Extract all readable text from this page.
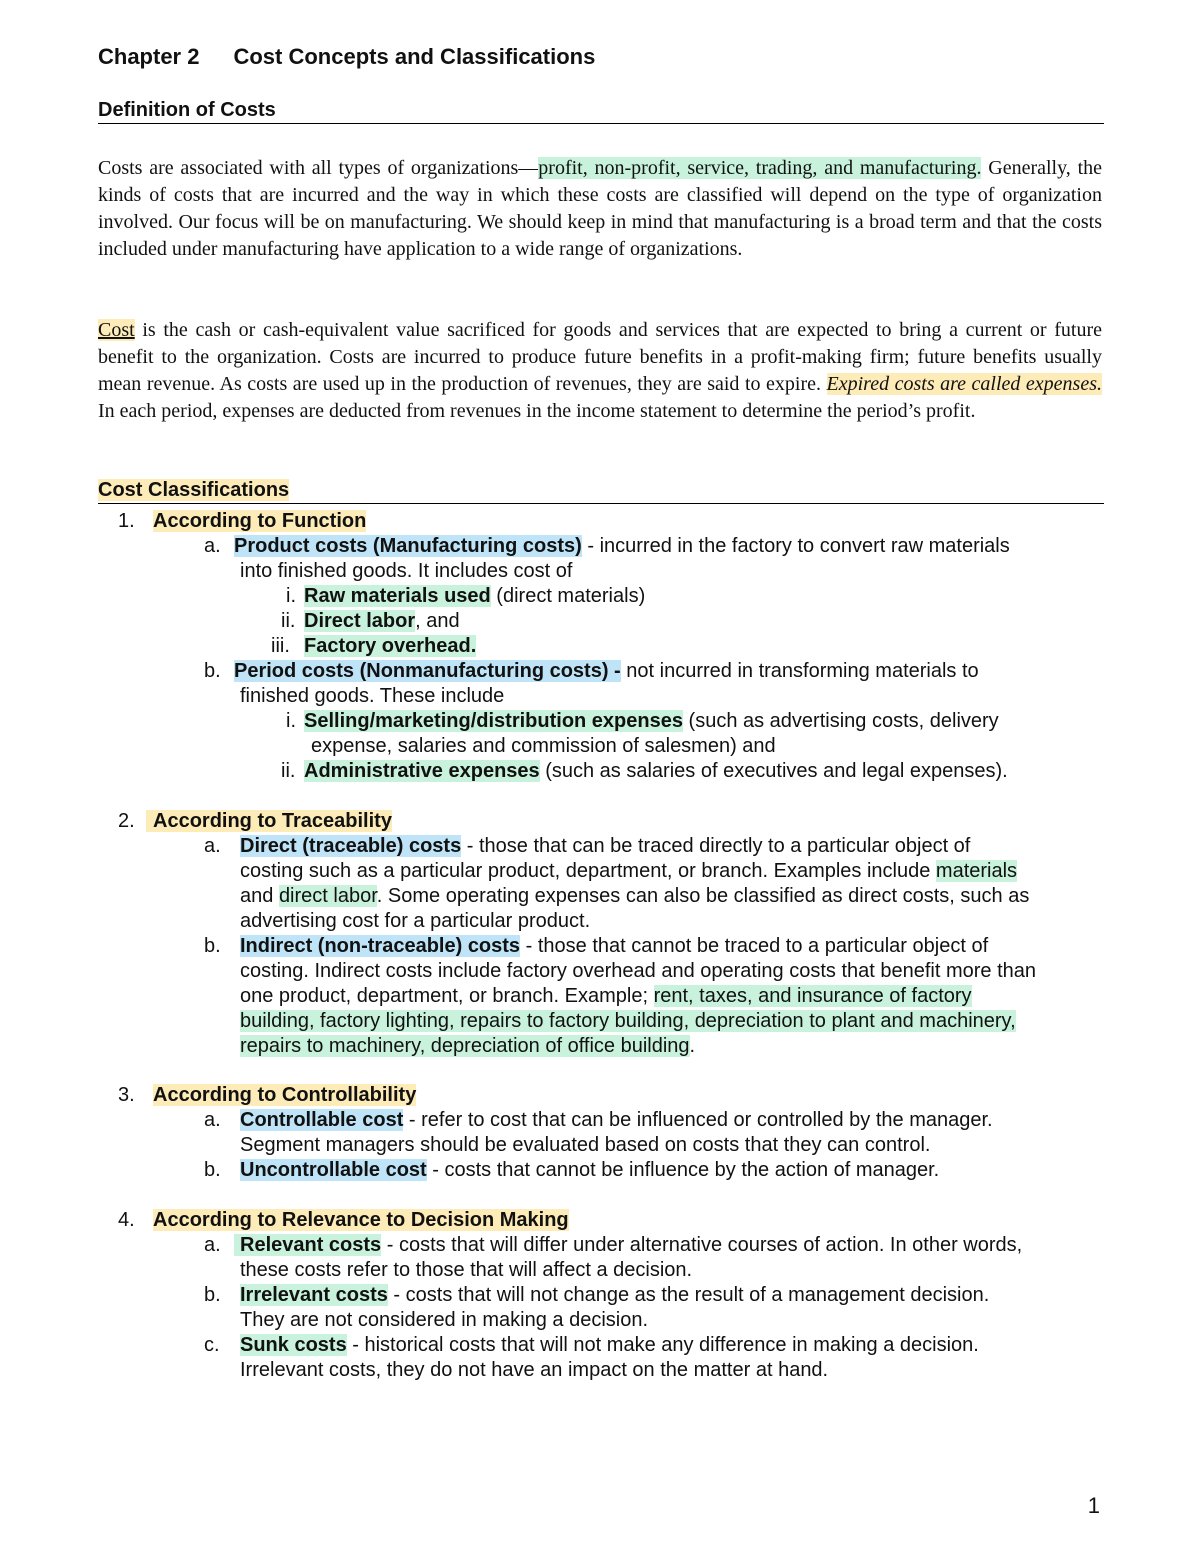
Chapter 2 Cost Concepts and Classifications
Definition of Costs
Costs are associated with all types of organizations—profit, non-profit, service, trading, and manufacturing. Generally, the kinds of costs that are incurred and the way in which these costs are classified will depend on the type of organization involved. Our focus will be on manufacturing. We should keep in mind that manufacturing is a broad term and that the costs included under manufacturing have application to a wide range of organizations.
Cost is the cash or cash-equivalent value sacrificed for goods and services that are expected to bring a current or future benefit to the organization. Costs are incurred to produce future benefits in a profit-making firm; future benefits usually mean revenue. As costs are used up in the production of revenues, they are said to expire. Expired costs are called expenses. In each period, expenses are deducted from revenues in the income statement to determine the period’s profit.
Cost Classifications
1. According to Function
a. Product costs (Manufacturing costs) - incurred in the factory to convert raw materials
into finished goods. It includes cost of
i. Raw materials used (direct materials)
ii. Direct labor, and
iii. Factory overhead.
b. Period costs (Nonmanufacturing costs) - not incurred in transforming materials to
finished goods. These include
i. Selling/marketing/distribution expenses (such as advertising costs, delivery
expense, salaries and commission of salesmen) and
ii. Administrative expenses (such as salaries of executives and legal expenses).
2. According to Traceability
a. Direct (traceable) costs - those that can be traced directly to a particular object of
costing such as a particular product, department, or branch. Examples include materials
and direct labor. Some operating expenses can also be classified as direct costs, such as
advertising cost for a particular product.
b. Indirect (non-traceable) costs - those that cannot be traced to a particular object of
costing. Indirect costs include factory overhead and operating costs that benefit more than
one product, department, or branch. Example; rent, taxes, and insurance of factory
building, factory lighting, repairs to factory building, depreciation to plant and machinery,
repairs to machinery, depreciation of office building.
3. According to Controllability
a. Controllable cost - refer to cost that can be influenced or controlled by the manager.
Segment managers should be evaluated based on costs that they can control.
b. Uncontrollable cost - costs that cannot be influence by the action of manager.
4. According to Relevance to Decision Making
a. Relevant costs - costs that will differ under alternative courses of action. In other words,
these costs refer to those that will affect a decision.
b. Irrelevant costs - costs that will not change as the result of a management decision.
They are not considered in making a decision.
c. Sunk costs - historical costs that will not make any difference in making a decision.
Irrelevant costs, they do not have an impact on the matter at hand.
1
